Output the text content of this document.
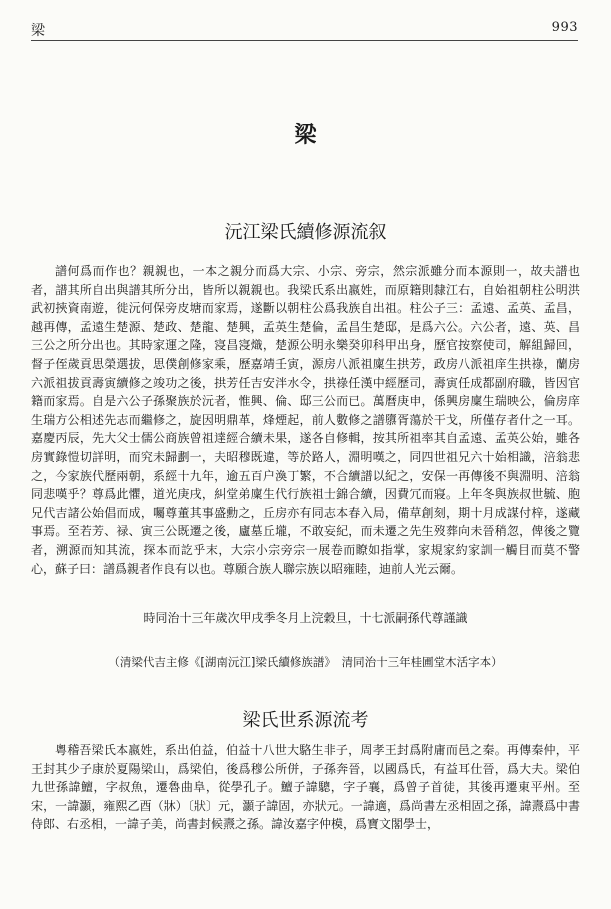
梁	993
梁
沅江梁氏續修源流叙

譜何爲而作也？親親也，一本之親分而爲大宗、小宗、旁宗，然宗派雖分而本源則一，故夫譜也者，譜其所自出與譜其所分出，皆所以親親也。我梁氏系出嬴姓，而原籍則隸江右，自始祖朝柱公明洪武初挾資南遊，徙沅何保旁皮塘而家焉，遂斷以朝柱公爲我族自出祖。柱公子三：孟遠、孟英、孟昌，越再傳，孟遠生楚源、楚政、楚龍、楚興，孟英生楚倫，孟昌生楚邸，是爲六公。六公者，遠、英、昌三公之所分出也。其時家運之隆，寖昌寖熾，楚源公明永樂癸卯科甲出身，歷官按察使司，解組歸回，督子侄歲貢思榮選拔，思僕創修家乘，歷嘉靖壬寅，源房八派祖廩生拱芳，政房八派祖庠生拱祿，蘭房六派祖拔貢壽寅續修之竣功之後，拱芳任吉安泮水令，拱祿任漢中經歷司，壽寅任成都副府職，皆因官籍而家焉。自是六公子孫聚族於沅者，惟興、倫、邸三公而已。萬曆庚申，係興房廩生瑞映公，倫房庠生瑞方公相述先志而繼修之，旋因明鼎革，烽煙起，前人數修之譜隳胥蕩於干戈，所僅存者什之一耳。嘉慶丙辰，先大父士儒公商族曾祖達經合續未果，遂各自修輯，按其所祖率其自孟遠、孟英公始，雖各房實錄愷切詳明，而究未歸劃一，夫昭穆既違，等於路人，淵明嘆之，同四世祖兄六十始相識，涪翁悲之，今家族代歷兩朝，系經十九年，逾五百户渙丁繁，不合續譜以紀之，安保一再傳後不與淵明、涪翁同悲嘆乎？尊爲此懼，道光庚戌，糾堂弟廩生代行族祖士錦合續，因費冗而寢。上年冬與族叔世毓、胞兄代吉諸公始倡而成，囑尊董其事盛勳之，丘房亦有同志本春入局，備草創刻，期十月成謀付梓，遂藏事焉。至若芳、禄、寅三公既遷之後，廬墓丘壠，不敢妄紀，而未遷之先生歿葬向未晉稍忽，俾後之覽者，溯源而知其流，探本而訖乎末，大宗小宗旁宗一展卷而瞭如指掌，家規家約家訓一觸目而莫不警心，蘇子曰：譜爲親者作良有以也。尊願合族人聯宗族以昭雍睦，迪前人光云爾。

時同治十三年歲次甲戌季冬月上浣穀旦，十七派嗣孫代尊謹識
（清梁代吉主修《[湖南沅江]梁氏續修族譜》　清同治十三年桂圃堂木活字本）
梁氏世系源流考

粵稽吾梁氏本嬴姓，系出伯益，伯益十八世大駱生非子，周孝王封爲附庸而邑之秦。再傳秦仲，平王封其少子康於夏陽梁山，爲梁伯，後爲穆公所併，子孫奔晉，以國爲氏，有益耳仕晉，爲大夫。梁伯九世孫諱鱣，字叔魚，遷魯曲阜，從學孔子。鱣子諱驄，字子襄，爲曾子首徒，其後再遷東平州。至宋，一諱灝，雍熙乙酉（牀）〔狀〕元，灝子諱固，亦狀元。一諱適，爲尚書左丞相固之孫，諱燾爲中書侍郎、右丞相，一諱子美，尚書封候燾之孫。諱汝嘉字仲模，爲寶文閣學士，
